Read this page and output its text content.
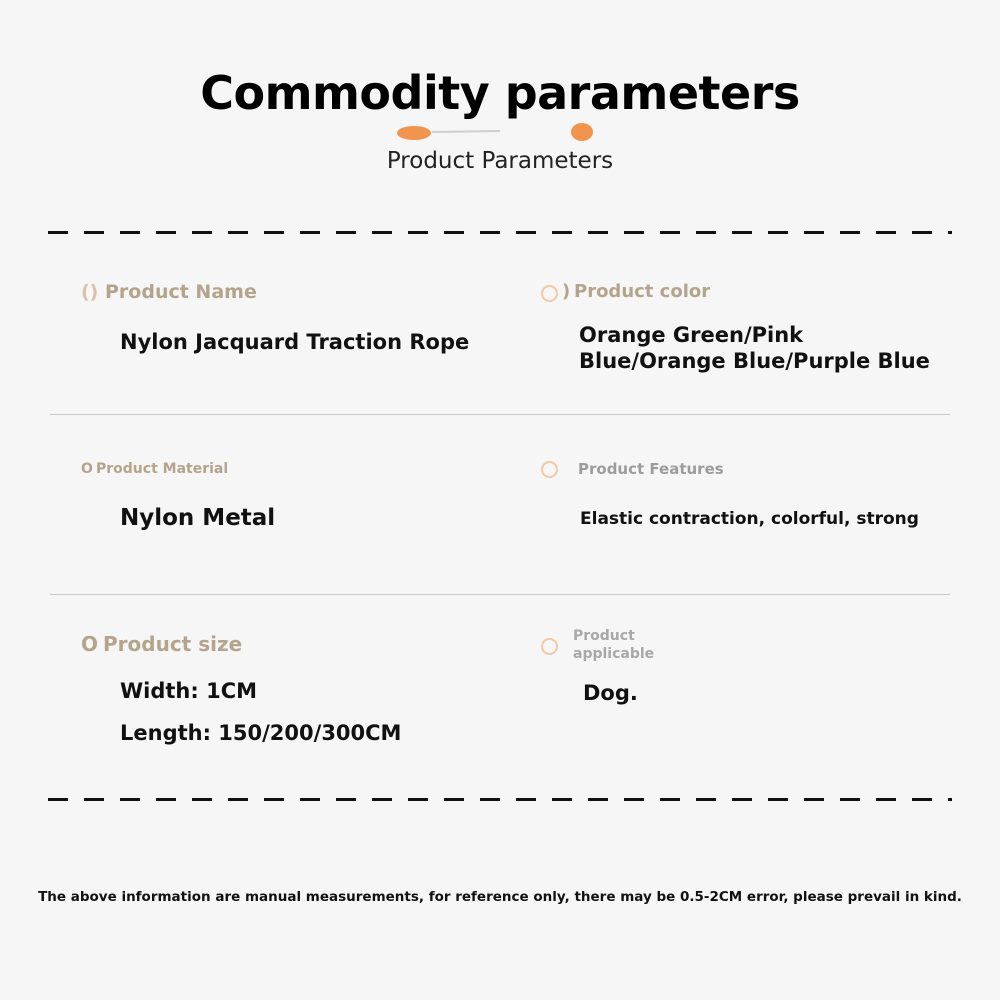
Commodity parameters
Product Parameters
() Product Name
Nylon Jacquard Traction Rope
) Product color
Orange Green/Pink Blue/Orange Blue/Purple Blue
O Product Material
Nylon Metal
Product Features
Elastic contraction, colorful, strong
O Product size
Width: 1CM
Length: 150/200/300CM
Product
applicable
Dog.
The above information are manual measurements, for reference only, there may be 0.5-2CM error, please prevail in kind.
